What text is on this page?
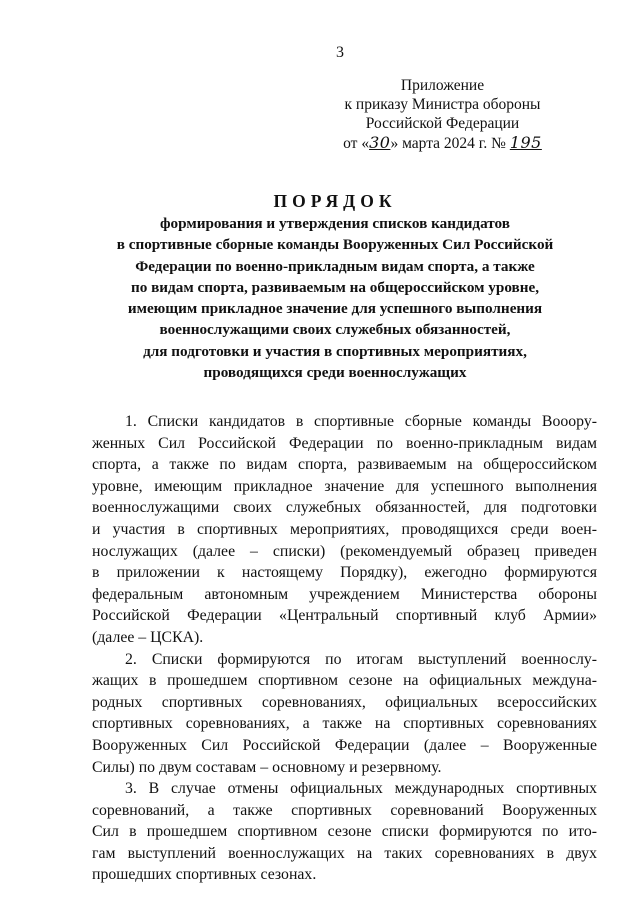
3
Приложение
к приказу Министра обороны
Российской Федерации
от «30» марта 2024 г. № 195
ПОРЯДОК
формирования и утверждения списков кандидатов
в спортивные сборные команды Вооруженных Сил Российской
Федерации по военно-прикладным видам спорта, а также
по видам спорта, развиваемым на общероссийском уровне,
имеющим прикладное значение для успешного выполнения
военнослужащими своих служебных обязанностей,
для подготовки и участия в спортивных мероприятиях,
проводящихся среди военнослужащих
1. Списки кандидатов в спортивные сборные команды Вооору-
женных Сил Российской Федерации по военно-прикладным видам
спорта, а также по видам спорта, развиваемым на общероссийском
уровне, имеющим прикладное значение для успешного выполнения
военнослужащими своих служебных обязанностей, для подготовки
и участия в спортивных мероприятиях, проводящихся среди воен-
нослужащих (далее – списки) (рекомендуемый образец приведен
в приложении к настоящему Порядку), ежегодно формируются
федеральным автономным учреждением Министерства обороны
Российской Федерации «Центральный спортивный клуб Армии»
(далее – ЦСКА).
2. Списки формируются по итогам выступлений военнослу-
жащих в прошедшем спортивном сезоне на официальных междуна-
родных спортивных соревнованиях, официальных всероссийских
спортивных соревнованиях, а также на спортивных соревнованиях
Вооруженных Сил Российской Федерации (далее – Вооруженные
Силы) по двум составам – основному и резервному.
3. В случае отмены официальных международных спортивных
соревнований, а также спортивных соревнований Вооруженных
Сил в прошедшем спортивном сезоне списки формируются по ито-
гам выступлений военнослужащих на таких соревнованиях в двух
прошедших спортивных сезонах.
